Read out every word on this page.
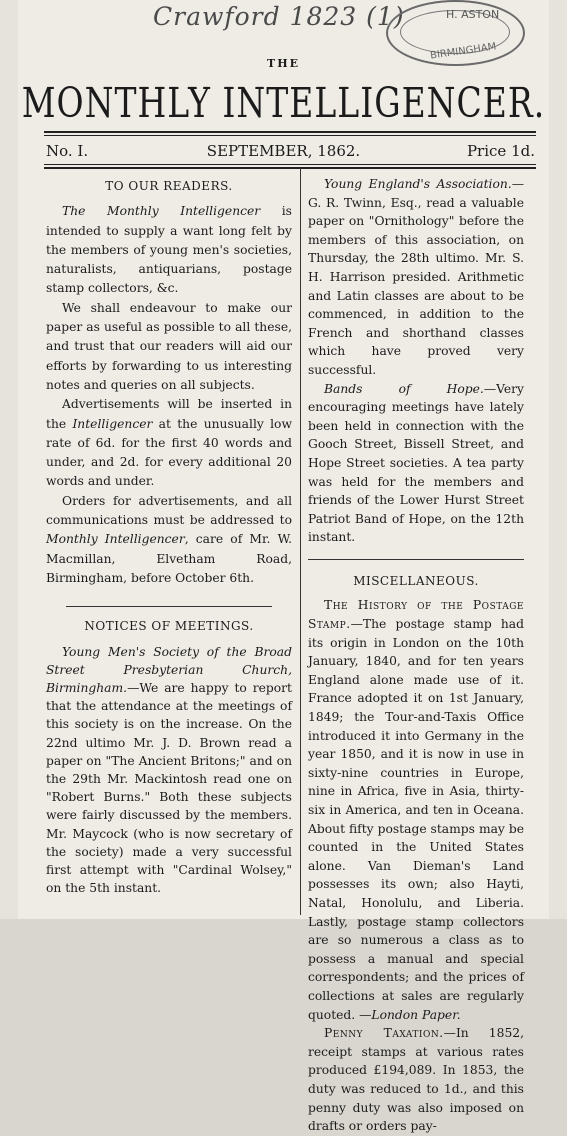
Crawford 1823 (1)	H. ASTON
BIRMINGHAM
THE
MONTHLY INTELLIGENCER.
No. I.	SEPTEMBER, 1862.	Price 1d.

TO OUR READERS.

The Monthly Intelligencer is intended to supply a want long felt by the members of young men's societies, naturalists, antiquarians, postage stamp collectors, &c.

We shall endeavour to make our paper as useful as possible to all these, and trust that our readers will aid our efforts by forwarding to us interesting notes and queries on all subjects.

Advertisements will be inserted in the Intelligencer at the unusually low rate of 6d. for the first 40 words and under, and 2d. for every additional 20 words and under.

Orders for advertisements, and all communications must be addressed to Monthly Intelligencer, care of Mr. W. Macmillan, Elvetham Road, Birmingham, before October 6th.

NOTICES OF MEETINGS.

Young Men's Society of the Broad Street Presbyterian Church, Birmingham.—We are happy to report that the attendance at the meetings of this society is on the increase. On the 22nd ultimo Mr. J. D. Brown read a paper on "The Ancient Britons;" and on the 29th Mr. Mackintosh read one on "Robert Burns." Both these subjects were fairly discussed by the members. Mr. Maycock (who is now secretary of the society) made a very successful first attempt with "Cardinal Wolsey," on the 5th instant.

Young England's Association.—G. R. Twinn, Esq., read a valuable paper on "Ornithology" before the members of this association, on Thursday, the 28th ultimo. Mr. S. H. Harrison presided. Arithmetic and Latin classes are about to be commenced, in addition to the French and shorthand classes which have proved very successful.

Bands of Hope.—Very encouraging meetings have lately been held in connection with the Gooch Street, Bissell Street, and Hope Street societies. A tea party was held for the members and friends of the Lower Hurst Street Patriot Band of Hope, on the 12th instant.

MISCELLANEOUS.

The History of the Postage Stamp.—The postage stamp had its origin in London on the 10th January, 1840, and for ten years England alone made use of it. France adopted it on 1st January, 1849; the Tour-and-Taxis Office introduced it into Germany in the year 1850, and it is now in use in sixty-nine countries in Europe, nine in Africa, five in Asia, thirty-six in America, and ten in Oceana. About fifty postage stamps may be counted in the United States alone. Van Dieman's Land possesses its own; also Hayti, Natal, Honolulu, and Liberia. Lastly, postage stamp collectors are so numerous a class as to possess a manual and special correspondents; and the prices of collections at sales are regularly quoted. —London Paper.

Penny Taxation.—In 1852, receipt stamps at various rates produced £194,089. In 1853, the duty was reduced to 1d., and this penny duty was also imposed on drafts or orders pay-
